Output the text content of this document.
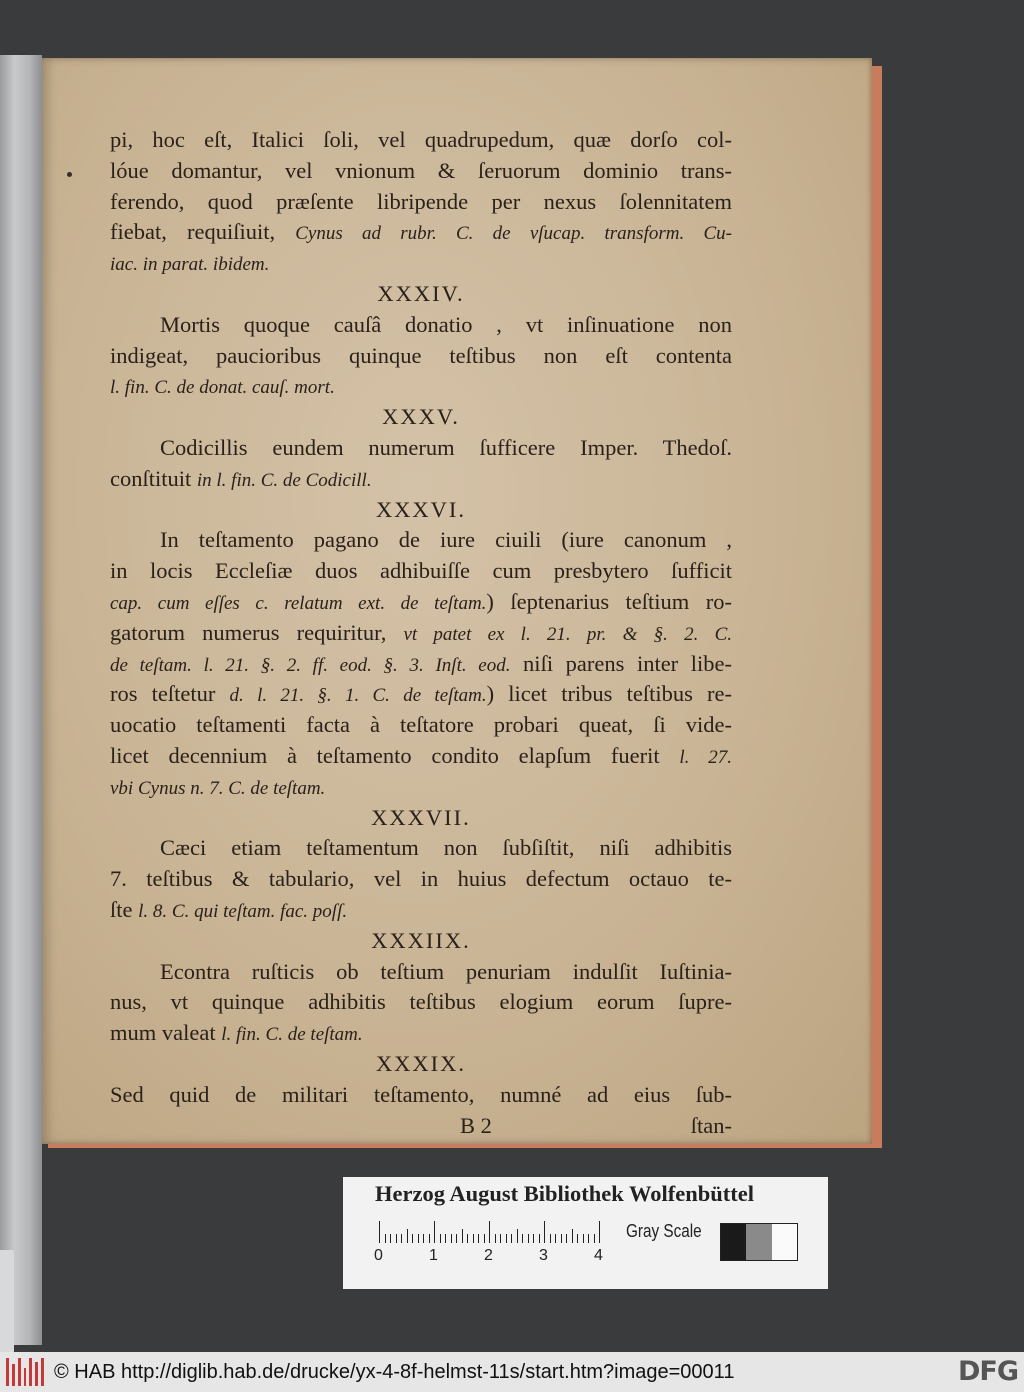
pi, hoc eſt, Italici ſoli, vel quadrupedum, quæ dorſo col-
lóue domantur, vel vnionum & ſeruorum dominio trans-
ferendo, quod præſente libripende per nexus ſolennitatem
fiebat, requiſiuit, Cynus ad rubr. C. de vſucap. transform. Cu-
iac. in parat. ibidem.
XXXIV.
Mortis quoque cauſâ donatio , vt inſinuatione non
indigeat, paucioribus quinque teſtibus non eſt contenta
l. fin. C. de donat. cauſ. mort.
XXXV.
Codicillis eundem numerum ſufficere Imper. Thedoſ.
conſtituit in l. fin. C. de Codicill.
XXXVI.
In teſtamento pagano de iure ciuili (iure canonum ,
in locis Eccleſiæ duos adhibuiſſe cum presbytero ſufficit
cap. cum eſſes c. relatum ext. de teſtam.) ſeptenarius teſtium ro-
gatorum numerus requiritur, vt patet ex l. 21. pr. & §. 2. C.
de teſtam. l. 21. §. 2. ff. eod. §. 3. Inſt. eod. niſi parens inter libe-
ros teſtetur d. l. 21. §. 1. C. de teſtam.) licet tribus teſtibus re-
uocatio teſtamenti facta à teſtatore probari queat, ſi vide-
licet decennium à teſtamento condito elapſum fuerit l. 27.
vbi Cynus n. 7. C. de teſtam.
XXXVII.
Cæci etiam teſtamentum non ſubſiſtit, niſi adhibitis
7. teſtibus & tabulario, vel in huius defectum octauo te-
ſte l. 8. C. qui teſtam. fac. poſſ.
XXXIIX.
Econtra ruſticis ob teſtium penuriam indulſit Iuſtinia-
nus, vt quinque adhibitis teſtibus elogium eorum ſupre-
mum valeat l. fin. C. de teſtam.
XXXIX.
Sed quid de militari teſtamento, numné ad eius ſub-
B 2	ſtan-
Herzog August Bibliothek Wolfenbüttel
0	1	2	3	4
Gray Scale
© HAB http://diglib.hab.de/drucke/yx-4-8f-helmst-11s/start.htm?image=00011	DFG
